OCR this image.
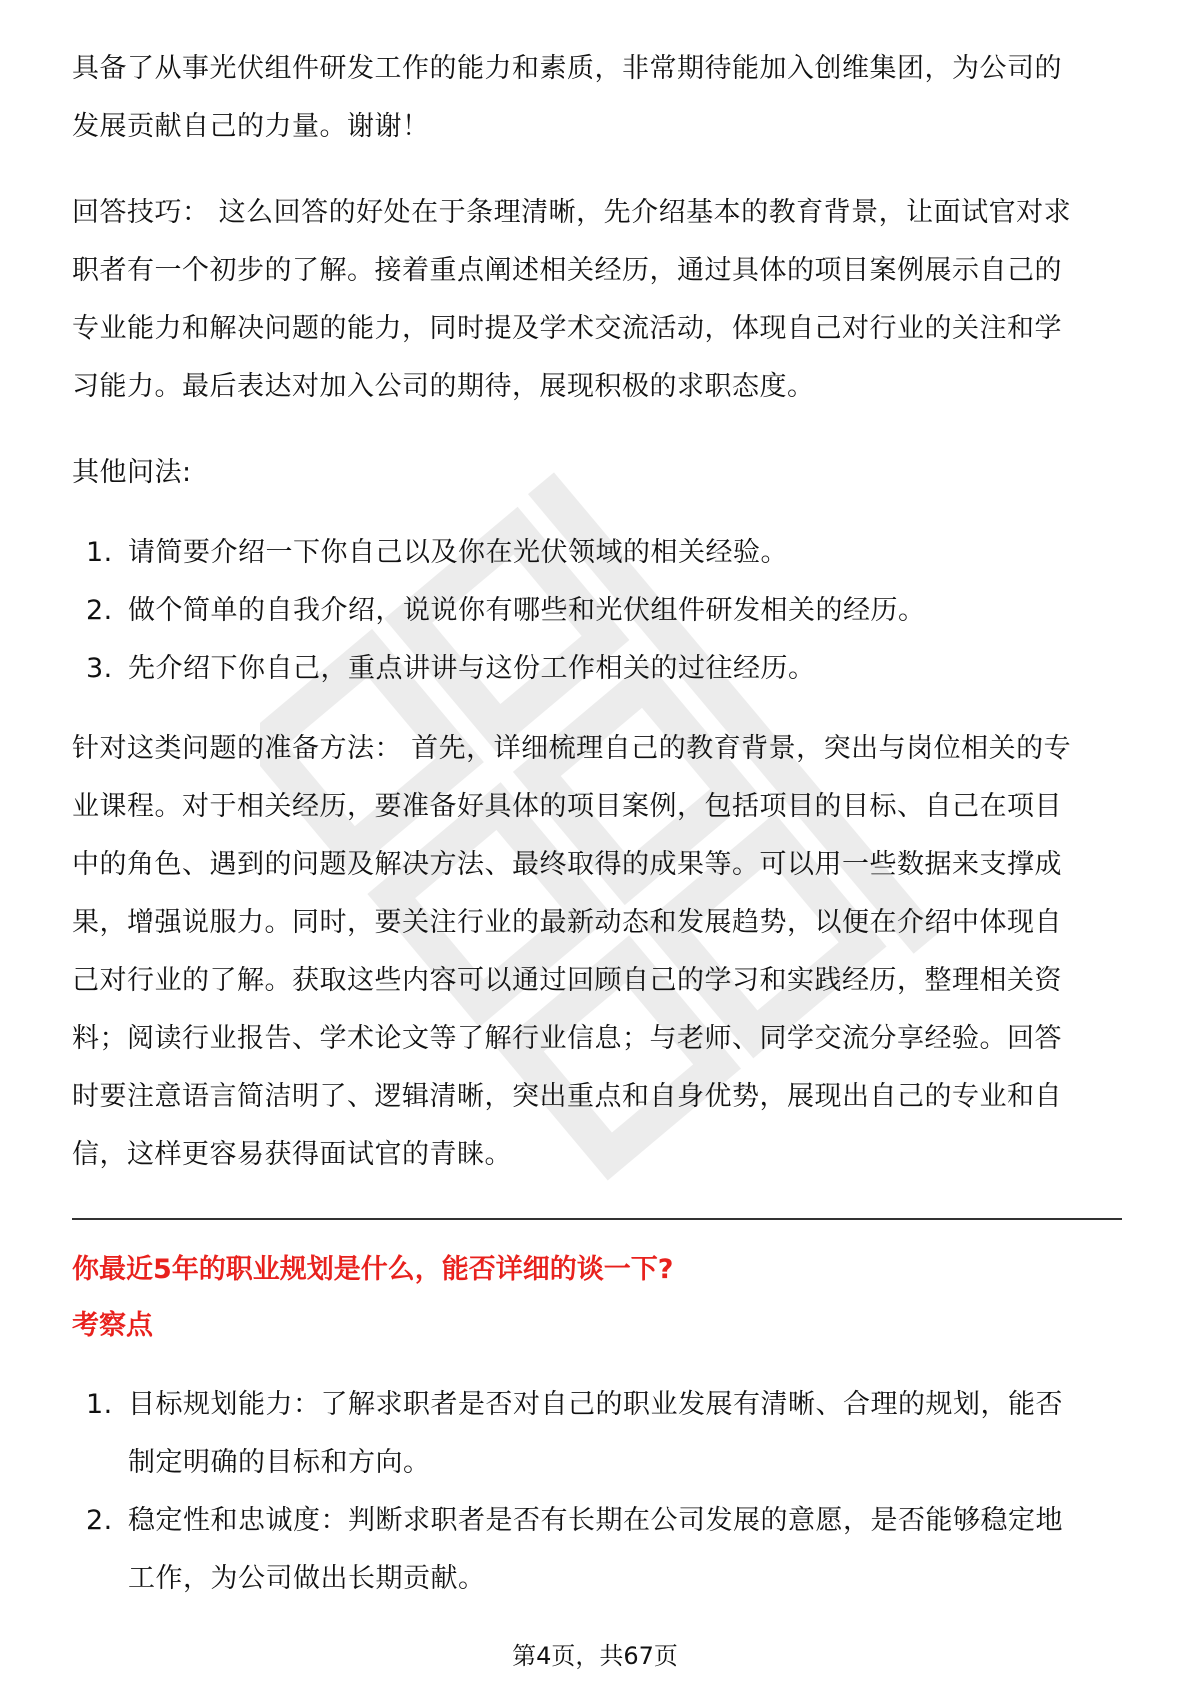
具备了从事光伏组件研发工作的能力和素质，非常期待能加入创维集团，为公司的

发展贡献自己的力量。谢谢！

回答技巧： 这么回答的好处在于条理清晰，先介绍基本的教育背景，让面试官对求

职者有一个初步的了解。接着重点阐述相关经历，通过具体的项目案例展示自己的

专业能力和解决问题的能力，同时提及学术交流活动，体现自己对行业的关注和学

习能力。最后表达对加入公司的期待，展现积极的求职态度。

其他问法:

1. 请简要介绍一下你自己以及你在光伏领域的相关经验。
2. 做个简单的自我介绍，说说你有哪些和光伏组件研发相关的经历。
3. 先介绍下你自己，重点讲讲与这份工作相关的过往经历。

针对这类问题的准备方法： 首先，详细梳理自己的教育背景，突出与岗位相关的专

业课程。对于相关经历，要准备好具体的项目案例，包括项目的目标、自己在项目

中的角色、遇到的问题及解决方法、最终取得的成果等。可以用一些数据来支撑成

果，增强说服力。同时，要关注行业的最新动态和发展趋势，以便在介绍中体现自

己对行业的了解。获取这些内容可以通过回顾自己的学习和实践经历，整理相关资

料；阅读行业报告、学术论文等了解行业信息；与老师、同学交流分享经验。回答

时要注意语言简洁明了、逻辑清晰，突出重点和自身优势，展现出自己的专业和自

信，这样更容易获得面试官的青睐。

你最近5年的职业规划是什么，能否详细的谈一下?

考察点

1. 目标规划能力：了解求职者是否对自己的职业发展有清晰、合理的规划，能否
制定明确的目标和方向。
2. 稳定性和忠诚度：判断求职者是否有长期在公司发展的意愿，是否能够稳定地
工作，为公司做出长期贡献。
第4页，共67页
